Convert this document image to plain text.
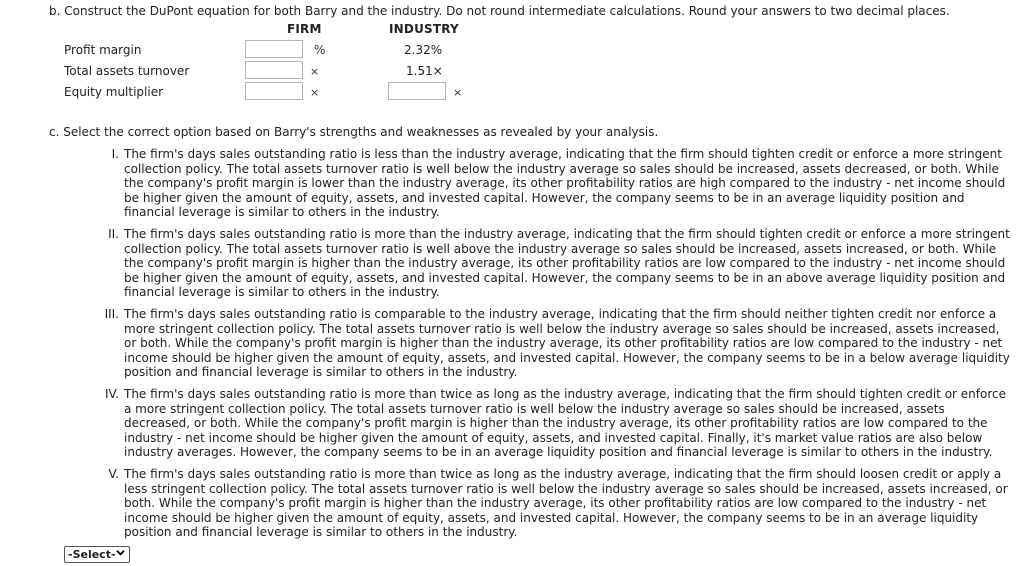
b. Construct the DuPont equation for both Barry and the industry. Do not round intermediate calculations. Round your answers to two decimal places.
FIRM	INDUSTRY
Profit margin	%	2.32%
Total assets turnover	×	1.51×
Equity multiplier	×	×
c. Select the correct option based on Barry's strengths and weaknesses as revealed by your analysis.
I. The firm's days sales outstanding ratio is less than the industry average, indicating that the firm should tighten credit or enforce a more stringent
collection policy. The total assets turnover ratio is well below the industry average so sales should be increased, assets decreased, or both. While
the company's profit margin is lower than the industry average, its other profitability ratios are high compared to the industry - net income should
be higher given the amount of equity, assets, and invested capital. However, the company seems to be in an average liquidity position and
financial leverage is similar to others in the industry.
II. The firm's days sales outstanding ratio is more than the industry average, indicating that the firm should tighten credit or enforce a more stringent
collection policy. The total assets turnover ratio is well above the industry average so sales should be increased, assets increased, or both. While
the company's profit margin is higher than the industry average, its other profitability ratios are low compared to the industry - net income should
be higher given the amount of equity, assets, and invested capital. However, the company seems to be in an above average liquidity position and
financial leverage is similar to others in the industry.
III. The firm's days sales outstanding ratio is comparable to the industry average, indicating that the firm should neither tighten credit nor enforce a
more stringent collection policy. The total assets turnover ratio is well below the industry average so sales should be increased, assets increased,
or both. While the company's profit margin is higher than the industry average, its other profitability ratios are low compared to the industry - net
income should be higher given the amount of equity, assets, and invested capital. However, the company seems to be in a below average liquidity
position and financial leverage is similar to others in the industry.
IV. The firm's days sales outstanding ratio is more than twice as long as the industry average, indicating that the firm should tighten credit or enforce
a more stringent collection policy. The total assets turnover ratio is well below the industry average so sales should be increased, assets
decreased, or both. While the company's profit margin is higher than the industry average, its other profitability ratios are low compared to the
industry - net income should be higher given the amount of equity, assets, and invested capital. Finally, it's market value ratios are also below
industry averages. However, the company seems to be in an average liquidity position and financial leverage is similar to others in the industry.
V. The firm's days sales outstanding ratio is more than twice as long as the industry average, indicating that the firm should loosen credit or apply a
less stringent collection policy. The total assets turnover ratio is well below the industry average so sales should be increased, assets increased, or
both. While the company's profit margin is higher than the industry average, its other profitability ratios are low compared to the industry - net
income should be higher given the amount of equity, assets, and invested capital. However, the company seems to be in an average liquidity
position and financial leverage is similar to others in the industry.
-Select-
